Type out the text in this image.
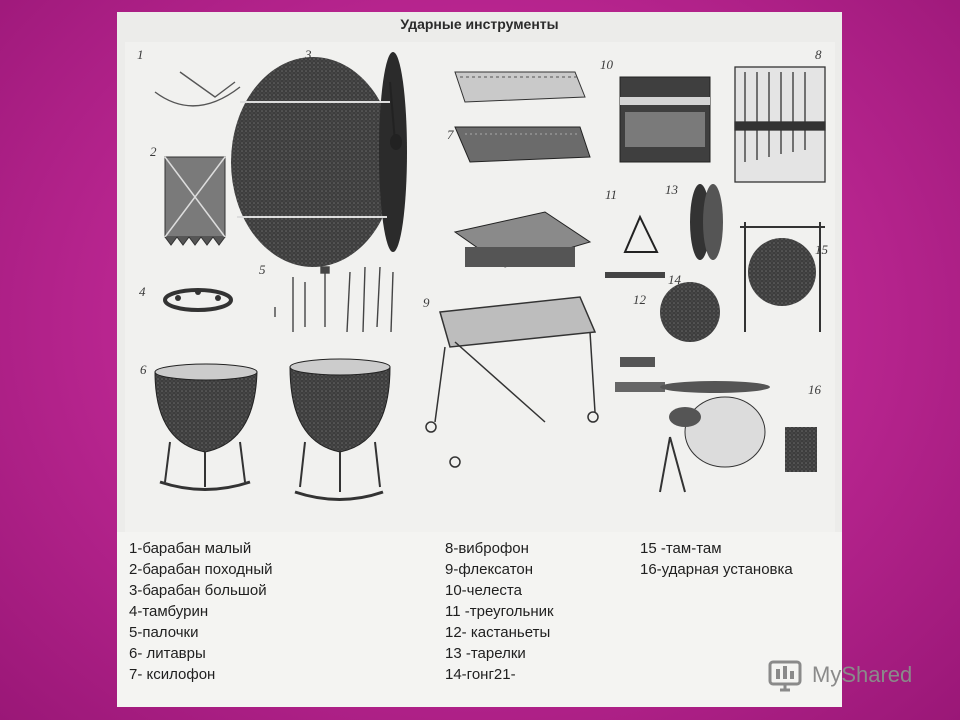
Ударные инструменты
1
2
3
4
5
6
7
8
9
10
11
12
13
14
15
16
1-барабан малый
2-барабан походный
3-барабан большой
4-тамбурин
5-палочки
6- литавры
7- ксилофон
8-виброфон
9-флексатон
10-челеста
11 -треугольник
12- кастаньеты
13 -тарелки
14-гонг21-
15 -там-там
16-ударная установка
MyShared
